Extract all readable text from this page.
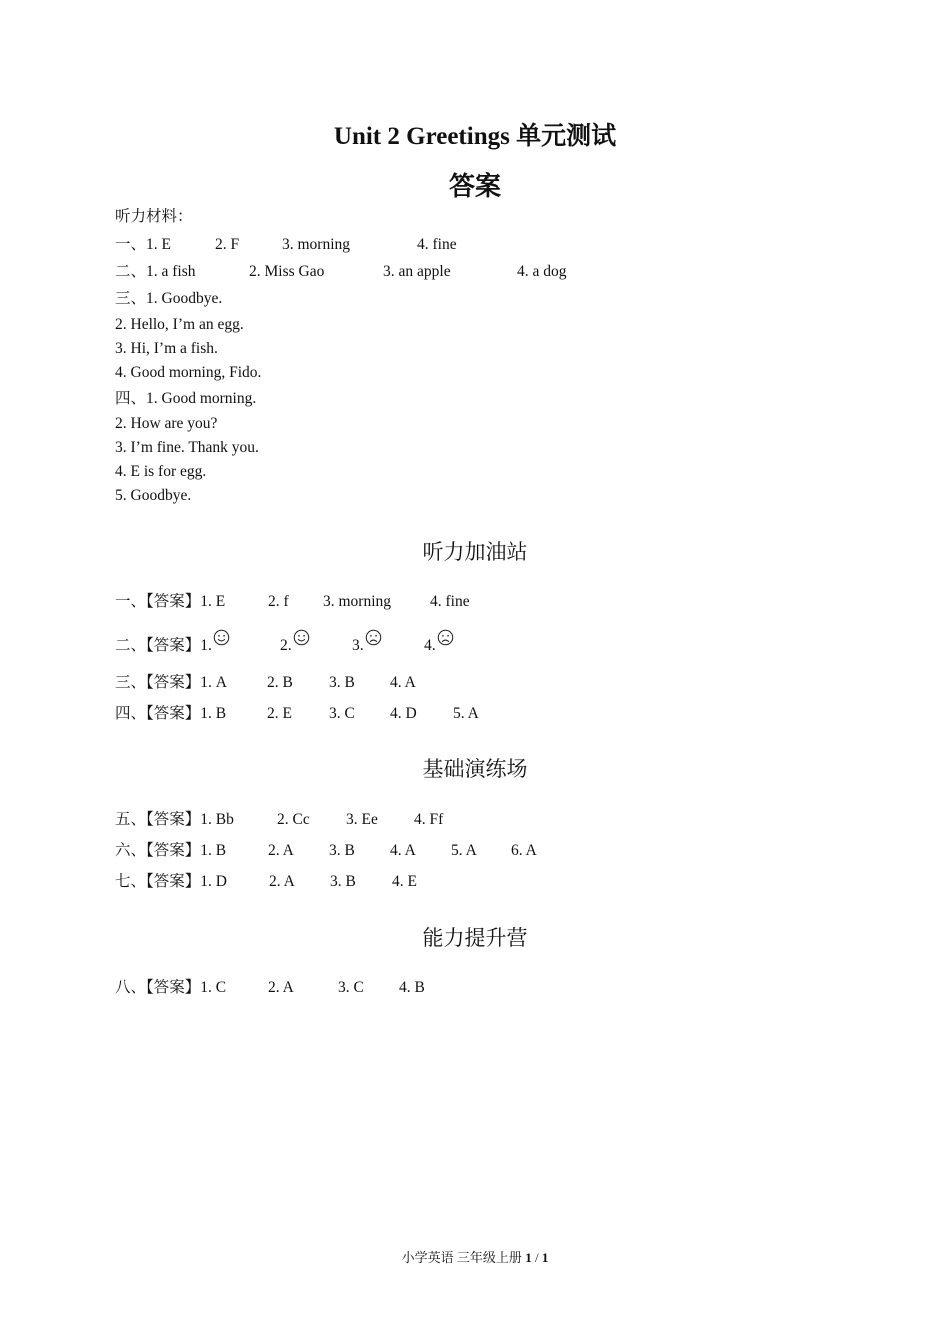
Unit 2 Greetings 单元测试
答案
听力材料：
一、1. E	2. F	3. morning	4. fine
二、1. a fish	2. Miss Gao	3. an apple	4. a dog
三、1. Goodbye.
2. Hello, I’m an egg.
3. Hi, I’m a fish.
4. Good morning, Fido.
四、1. Good morning.
2. How are you?
3. I’m fine. Thank you.
4. E is for egg.
5. Goodbye.
听力加油站
一、【答案】1. E	2. f 3. morning	4. fine
二、【答案】1.	2.	3.	4.
三、【答案】1. A	2. B 3. B 4. A
四、【答案】1. B	2. E 3. C 4. D 5. A
基础演练场
五、【答案】1. Bb	2. Cc 3. Ee 4. Ff
六、【答案】1. B	2. A 3. B 4. A 5. A 6. A
七、【答案】1. D	2. A 3. B 4. E
能力提升营
八、【答案】1. C	2. A	3. C 4. B
小学英语 三年级上册 1 / 1
